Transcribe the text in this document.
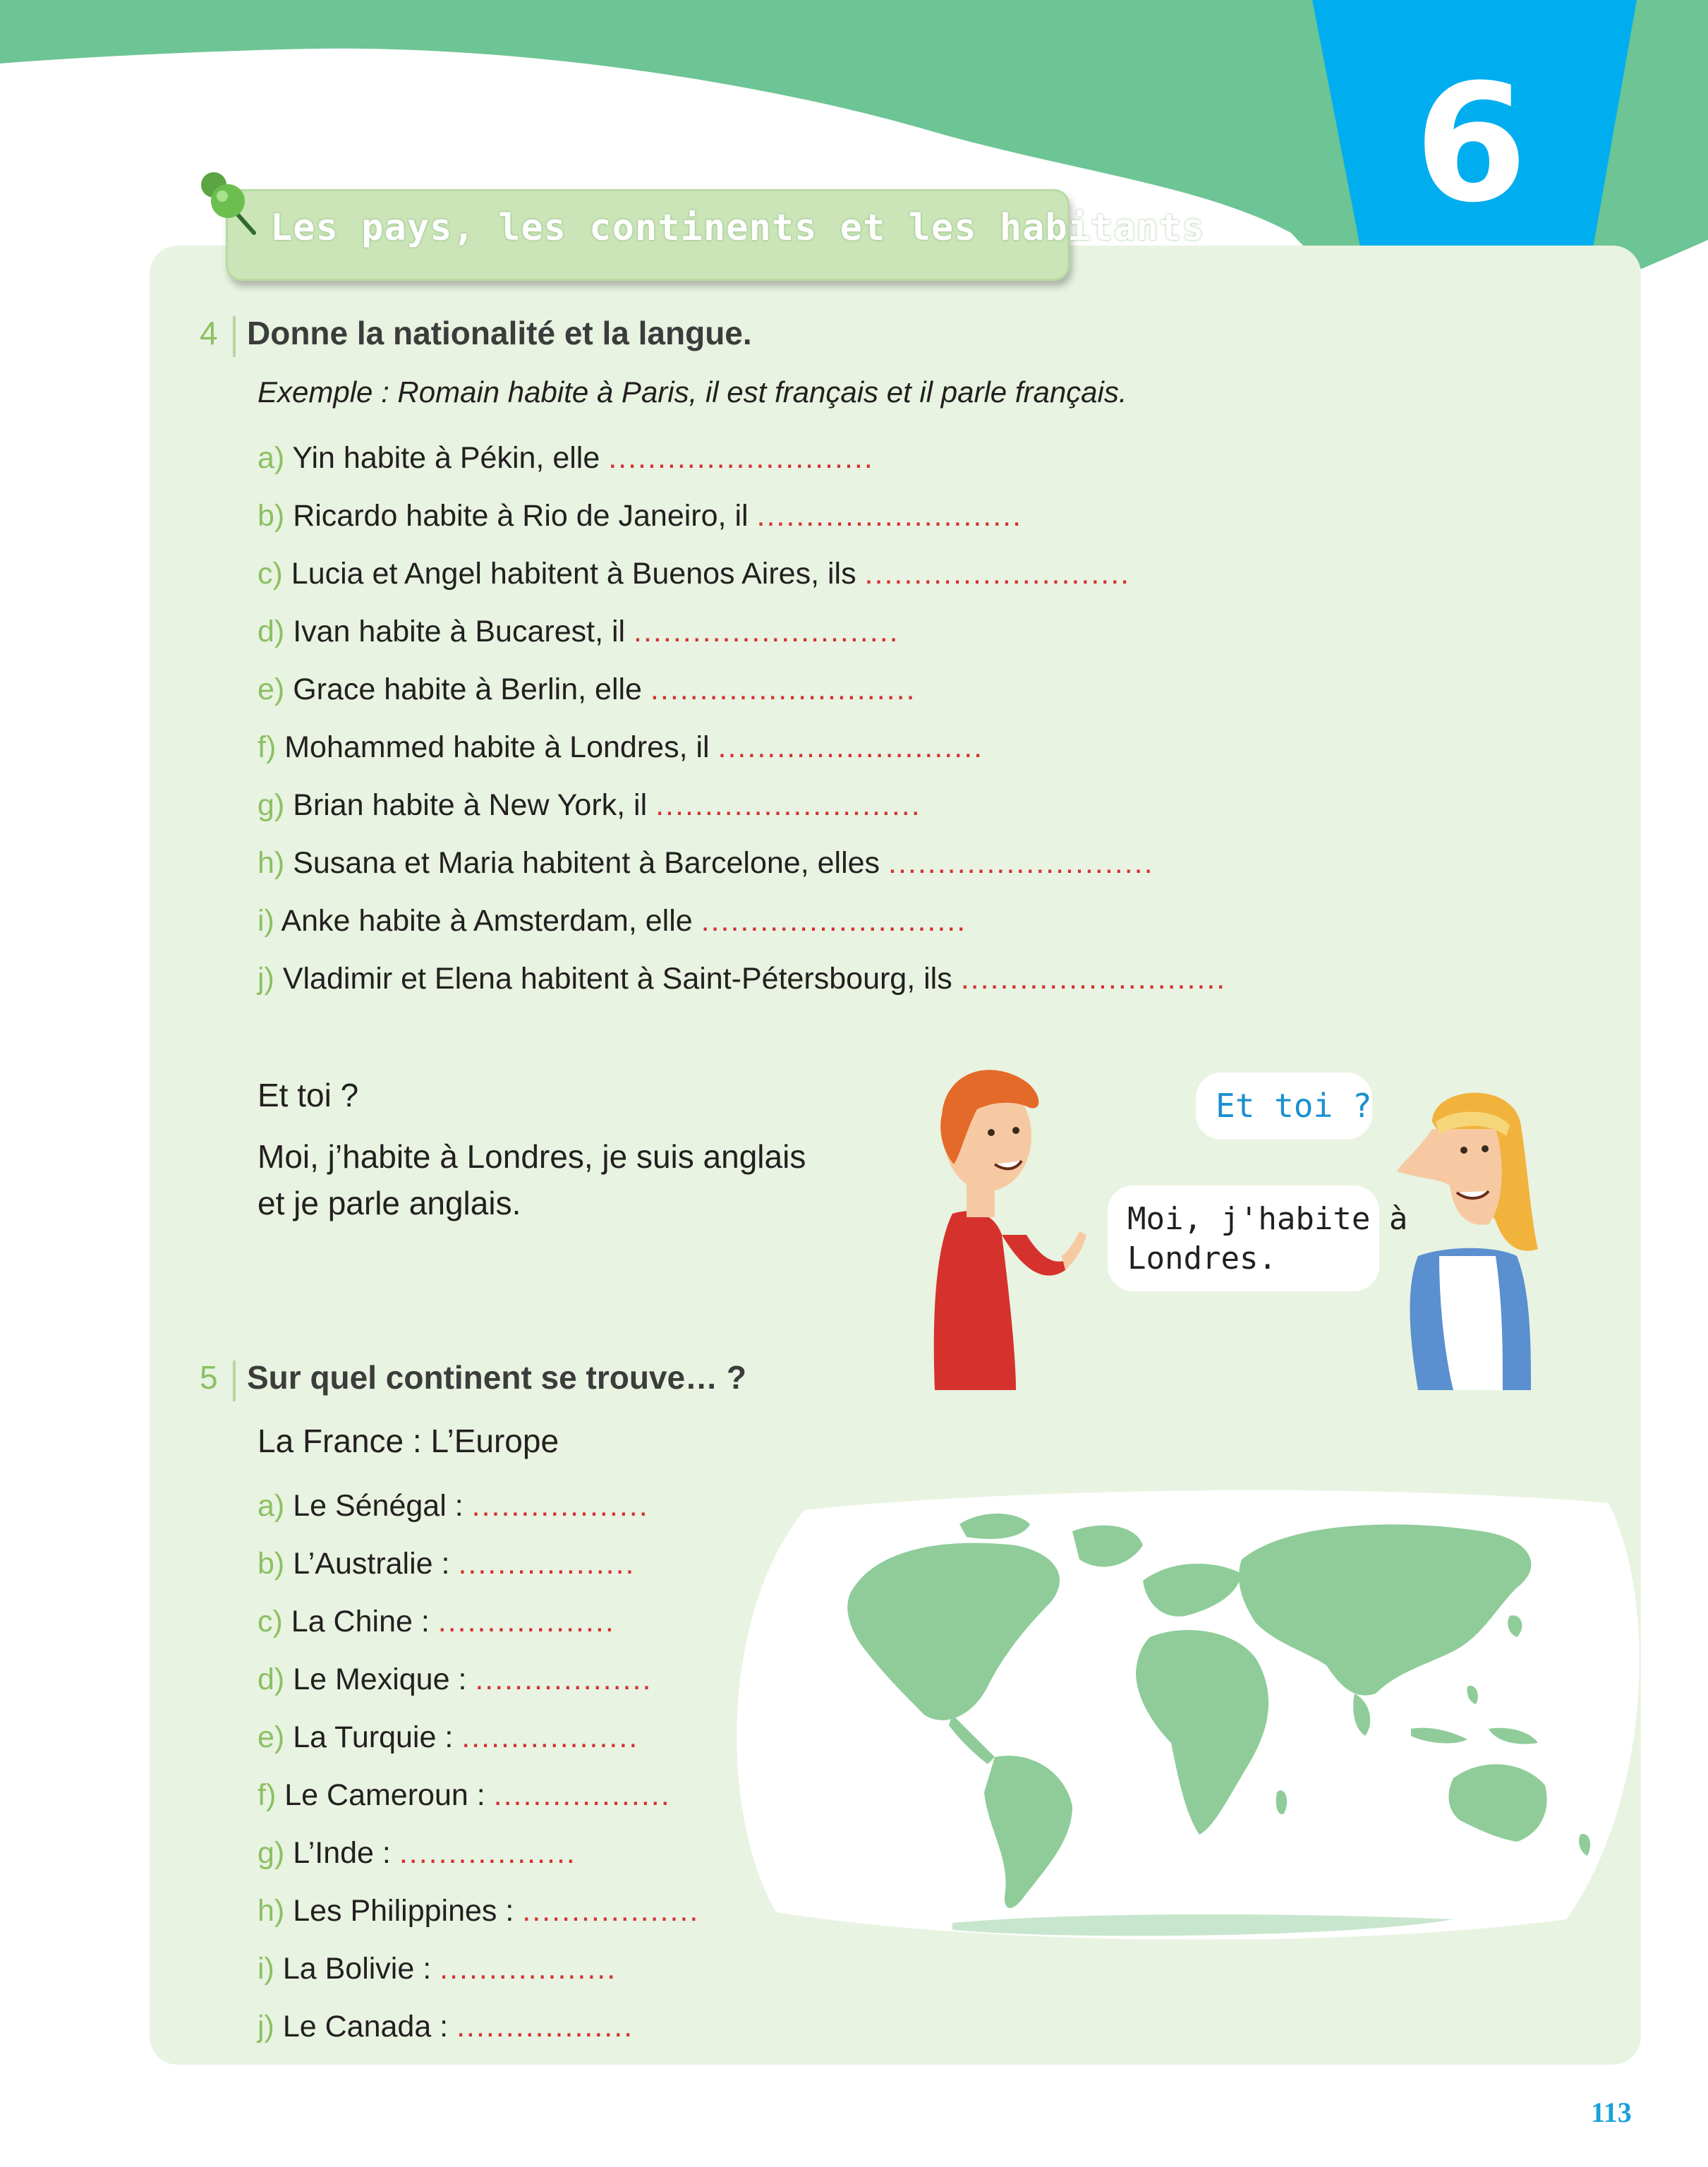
6
Les pays, les continents et les habitants
4 Donne la nationalité et la langue.
Exemple : Romain habite à Paris, il est français et il parle français.
a) Yin habite à Pékin, elle ...........................
b) Ricardo habite à Rio de Janeiro, il ...........................
c) Lucia et Angel habitent à Buenos Aires, ils ...........................
d) Ivan habite à Bucarest, il ...........................
e) Grace habite à Berlin, elle ...........................
f) Mohammed habite à Londres, il ...........................
g) Brian habite à New York, il ...........................
h) Susana et Maria habitent à Barcelone, elles ...........................
i) Anke habite à Amsterdam, elle ...........................
j) Vladimir et Elena habitent à Saint-Pétersbourg, ils ...........................
Et toi ?
Moi, j’habite à Londres, je suis anglais
et je parle anglais.
Et toi ?
Moi, j'habite à
Londres.
5 Sur quel continent se trouve… ?
La France : L’Europe
a) Le Sénégal : ..................
b) L’Australie : ..................
c) La Chine : ..................
d) Le Mexique : ..................
e) La Turquie : ..................
f) Le Cameroun : ..................
g) L’Inde : ..................
h) Les Philippines : ..................
i) La Bolivie : ..................
j) Le Canada : ..................
113
